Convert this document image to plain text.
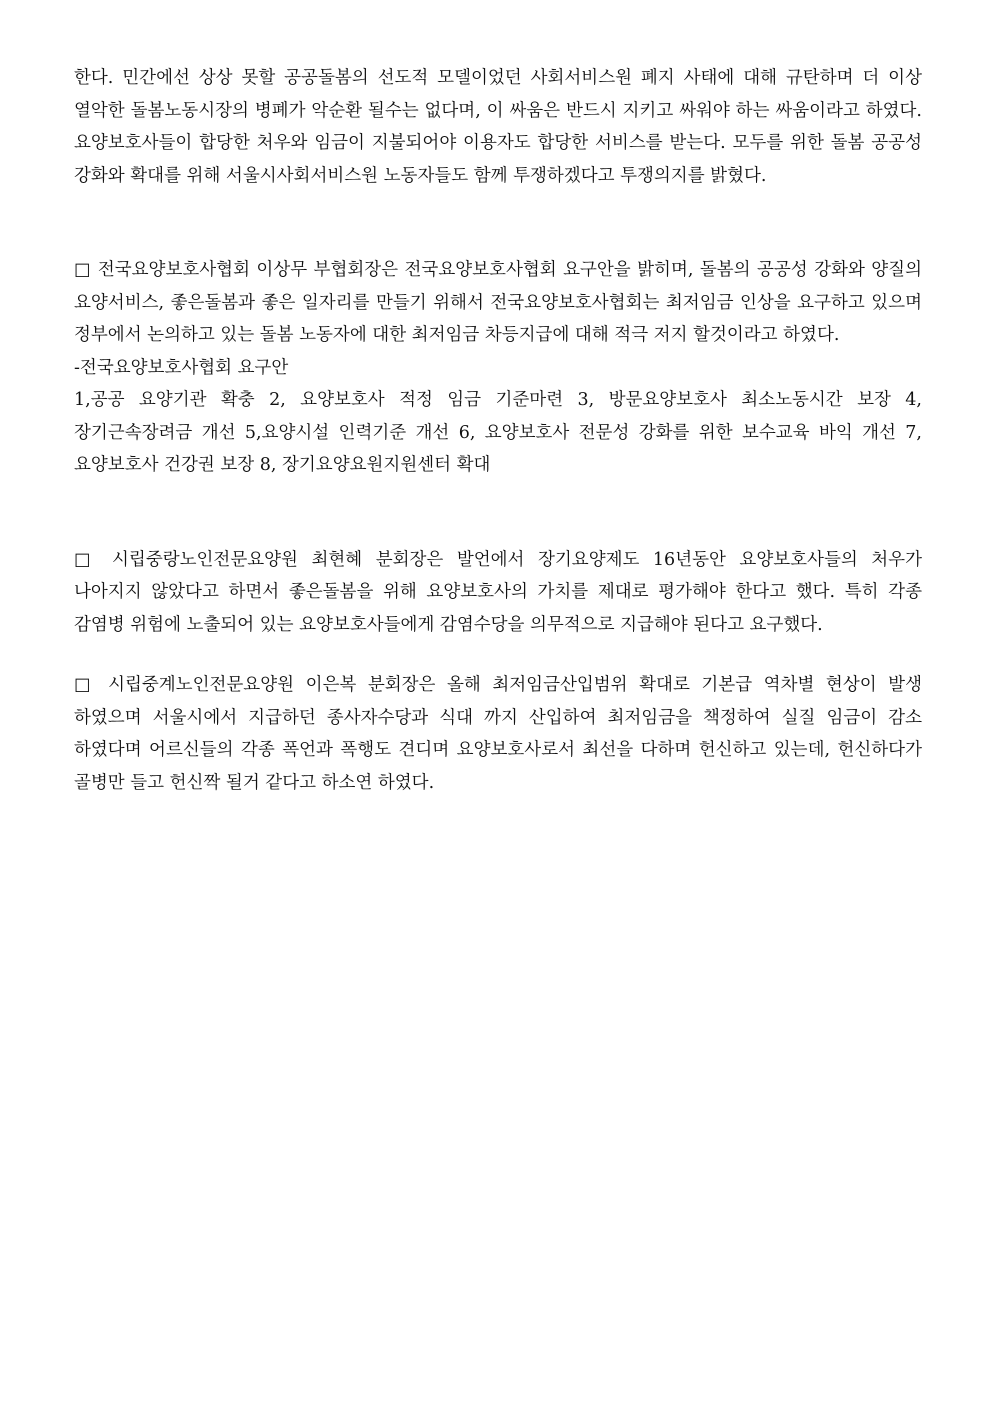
한다. 민간에선 상상 못할 공공돌봄의 선도적 모델이었던 사회서비스원 폐지 사태에 대해 규탄하며 더 이상 열악한 돌봄노동시장의 병폐가 악순환 될수는 없다며, 이 싸움은 반드시 지키고 싸워야 하는 싸움이라고 하였다. 요양보호사들이 합당한 처우와 임금이 지불되어야 이용자도 합당한 서비스를 받는다. 모두를 위한 돌봄 공공성 강화와 확대를 위해 서울시사회서비스원 노동자들도 함께 투쟁하겠다고 투쟁의지를 밝혔다.

□ 전국요양보호사협회 이상무 부협회장은 전국요양보호사협회 요구안을 밝히며, 돌봄의 공공성 강화와 양질의 요양서비스, 좋은돌봄과 좋은 일자리를 만들기 위해서 전국요양보호사협회는 최저임금 인상을 요구하고 있으며 정부에서 논의하고 있는 돌봄 노동자에 대한 최저임금 차등지급에 대해 적극 저지 할것이라고 하였다.

-전국요양보호사협회 요구안

1,공공 요양기관 확충 2, 요양보호사 적정 임금 기준마련 3, 방문요양보호사 최소노동시간 보장 4, 장기근속장려금 개선 5,요양시설 인력기준 개선 6, 요양보호사 전문성 강화를 위한 보수교육 바익 개선 7, 요양보호사 건강권 보장 8, 장기요양요원지원센터 확대

□ 시립중랑노인전문요양원 최현혜 분회장은 발언에서 장기요양제도 16년동안 요양보호사들의 처우가 나아지지 않았다고 하면서 좋은돌봄을 위해 요양보호사의 가치를 제대로 평가해야 한다고 했다. 특히 각종 감염병 위험에 노출되어 있는 요양보호사들에게 감염수당을 의무적으로 지급해야 된다고 요구했다.

□ 시립중계노인전문요양원 이은복 분회장은 올해 최저임금산입범위 확대로 기본급 역차별 현상이 발생 하였으며 서울시에서 지급하던 종사자수당과 식대 까지 산입하여 최저임금을 책정하여 실질 임금이 감소 하였다며 어르신들의 각종 폭언과 폭행도 견디며 요양보호사로서 최선을 다하며 헌신하고 있는데, 헌신하다가 골병만 들고 헌신짝 될거 같다고 하소연 하였다.
